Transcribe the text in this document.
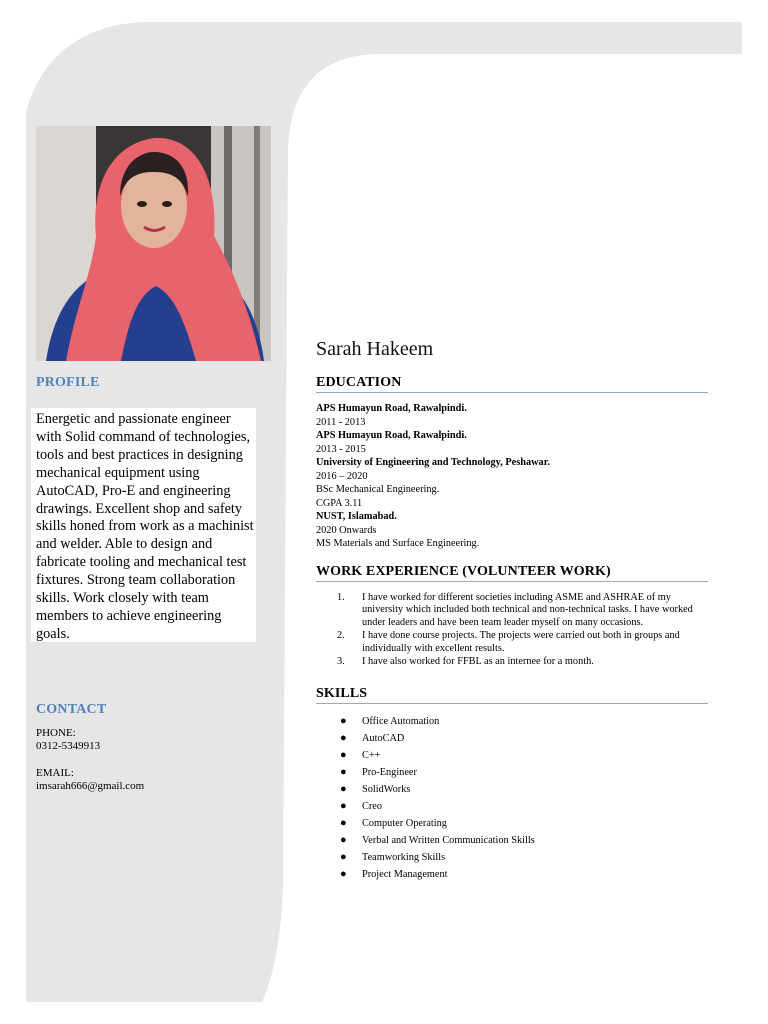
PROFILE
Energetic and passionate engineer with Solid command of technologies, tools and best practices in designing mechanical equipment using AutoCAD, Pro-E and engineering drawings. Excellent shop and safety skills honed from work as a machinist and welder. Able to design and fabricate tooling and mechanical test fixtures. Strong team collaboration skills. Work closely with team members to achieve engineering goals.
CONTACT
PHONE:
0312-5349913
EMAIL:
imsarah666@gmail.com
Sarah Hakeem
EDUCATION
APS Humayun Road, Rawalpindi.
2011 - 2013
APS Humayun Road, Rawalpindi.
2013 - 2015
University of Engineering and Technology, Peshawar.
2016 – 2020
BSc Mechanical Engineering.
CGPA 3.11
NUST, Islamabad.
2020 Onwards
MS Materials and Surface Engineering.
WORK EXPERIENCE (VOLUNTEER WORK)
1. I have worked for different societies including ASME and ASHRAE of my university which included both technical and non-technical tasks. I have worked under leaders and have been team leader myself on many occasions.
2. I have done course projects. The projects were carried out both in groups and individually with excellent results.
3. I have also worked for FFBL as an internee for a month.
SKILLS
● Office Automation
● AutoCAD
● C++
● Pro-Engineer
● SolidWorks
● Creo
● Computer Operating
● Verbal and Written Communication Skills
● Teamworking Skills
● Project Management
